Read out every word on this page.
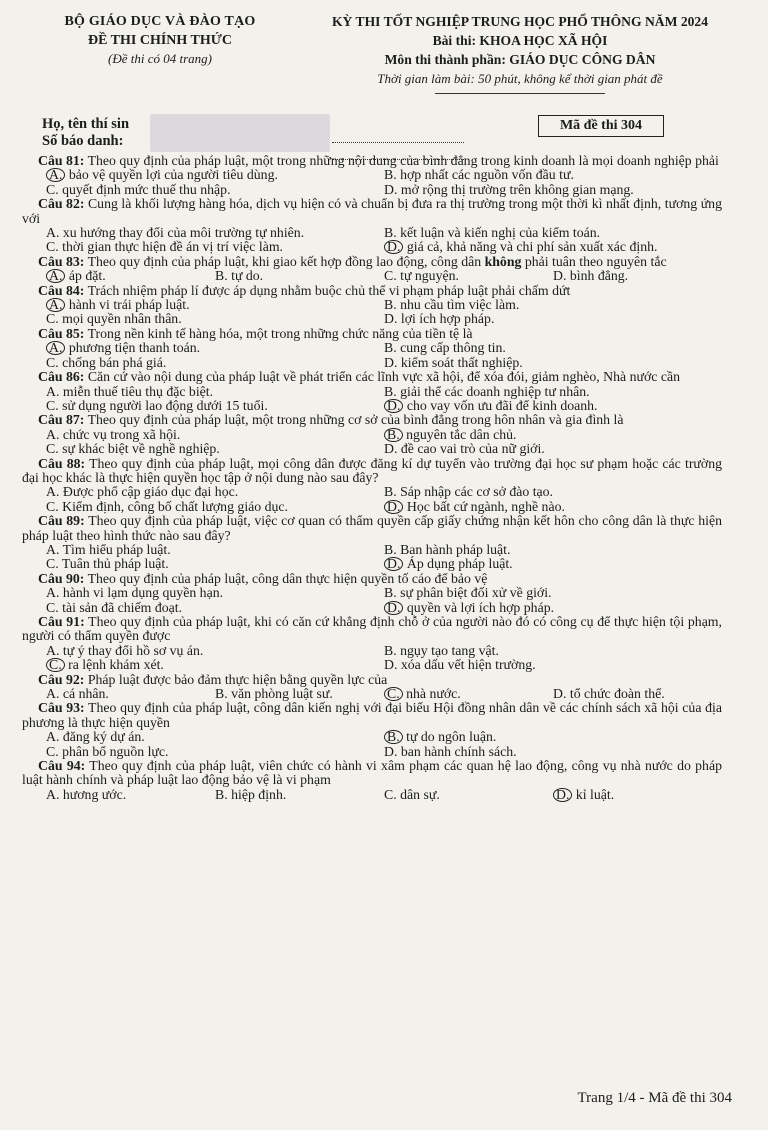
BỘ GIÁO DỤC VÀ ĐÀO TẠO
ĐỀ THI CHÍNH THỨC
(Đề thi có 04 trang)
KỲ THI TỐT NGHIỆP TRUNG HỌC PHỔ THÔNG NĂM 2024
Bài thi: KHOA HỌC XÃ HỘI
Môn thi thành phần: GIÁO DỤC CÔNG DÂN
Thời gian làm bài: 50 phút, không kể thời gian phát đề
Họ, tên thí sin
Số báo danh:
Mã đề thi 304
Câu 81: Theo quy định của pháp luật, một trong những nội dung của bình đẳng trong kinh doanh là mọi doanh nghiệp phải
A. bảo vệ quyền lợi của người tiêu dùng.	B. hợp nhất các nguồn vốn đầu tư.
C. quyết định mức thuế thu nhập.	D. mở rộng thị trường trên không gian mạng.
Câu 82: Cung là khối lượng hàng hóa, dịch vụ hiện có và chuẩn bị đưa ra thị trường trong một thời kì nhất định, tương ứng với
A. xu hướng thay đổi của môi trường tự nhiên.	B. kết luận và kiến nghị của kiểm toán.
C. thời gian thực hiện đề án vị trí việc làm.	D. giá cả, khả năng và chi phí sản xuất xác định.
Câu 83: Theo quy định của pháp luật, khi giao kết hợp đồng lao động, công dân không phải tuân theo nguyên tắc
A. áp đặt.	B. tự do.	C. tự nguyện.	D. bình đẳng.
Câu 84: Trách nhiệm pháp lí được áp dụng nhằm buộc chủ thể vi phạm pháp luật phải chấm dứt
A. hành vi trái pháp luật.	B. nhu cầu tìm việc làm.
C. mọi quyền nhân thân.	D. lợi ích hợp pháp.
Câu 85: Trong nền kinh tế hàng hóa, một trong những chức năng của tiền tệ là
A. phương tiện thanh toán.	B. cung cấp thông tin.
C. chống bán phá giá.	D. kiểm soát thất nghiệp.
Câu 86: Căn cứ vào nội dung của pháp luật về phát triển các lĩnh vực xã hội, để xóa đói, giảm nghèo, Nhà nước cần
A. miễn thuế tiêu thụ đặc biệt.	B. giải thể các doanh nghiệp tư nhân.
C. sử dụng người lao động dưới 15 tuổi.	D. cho vay vốn ưu đãi để kinh doanh.
Câu 87: Theo quy định của pháp luật, một trong những cơ sở của bình đẳng trong hôn nhân và gia đình là
A. chức vụ trong xã hội.	B. nguyên tắc dân chủ.
C. sự khác biệt về nghề nghiệp.	D. đề cao vai trò của nữ giới.
Câu 88: Theo quy định của pháp luật, mọi công dân được đăng kí dự tuyển vào trường đại học sư phạm hoặc các trường đại học khác là thực hiện quyền học tập ở nội dung nào sau đây?
A. Được phổ cập giáo dục đại học.	B. Sáp nhập các cơ sở đào tạo.
C. Kiểm định, công bố chất lượng giáo dục.	D. Học bất cứ ngành, nghề nào.
Câu 89: Theo quy định của pháp luật, việc cơ quan có thẩm quyền cấp giấy chứng nhận kết hôn cho công dân là thực hiện pháp luật theo hình thức nào sau đây?
A. Tìm hiểu pháp luật.	B. Ban hành pháp luật.
C. Tuân thủ pháp luật.	D. Áp dụng pháp luật.
Câu 90: Theo quy định của pháp luật, công dân thực hiện quyền tố cáo để bảo vệ
A. hành vi lạm dụng quyền hạn.	B. sự phân biệt đối xử về giới.
C. tài sản đã chiếm đoạt.	D. quyền và lợi ích hợp pháp.
Câu 91: Theo quy định của pháp luật, khi có căn cứ khẳng định chỗ ở của người nào đó có công cụ để thực hiện tội phạm, người có thẩm quyền được
A. tự ý thay đổi hồ sơ vụ án.	B. ngụy tạo tang vật.
C. ra lệnh khám xét.	D. xóa dấu vết hiện trường.
Câu 92: Pháp luật được bảo đảm thực hiện bằng quyền lực của
A. cá nhân.	B. văn phòng luật sư.	C. nhà nước.	D. tổ chức đoàn thể.
Câu 93: Theo quy định của pháp luật, công dân kiến nghị với đại biểu Hội đồng nhân dân về các chính sách xã hội của địa phương là thực hiện quyền
A. đăng ký dự án.	B. tự do ngôn luận.
C. phân bổ nguồn lực.	D. ban hành chính sách.
Câu 94: Theo quy định của pháp luật, viên chức có hành vi xâm phạm các quan hệ lao động, công vụ nhà nước do pháp luật hành chính và pháp luật lao động bảo vệ là vi phạm
A. hương ước.	B. hiệp định.	C. dân sự.	D. kỉ luật.
Trang 1/4 - Mã đề thi 304
